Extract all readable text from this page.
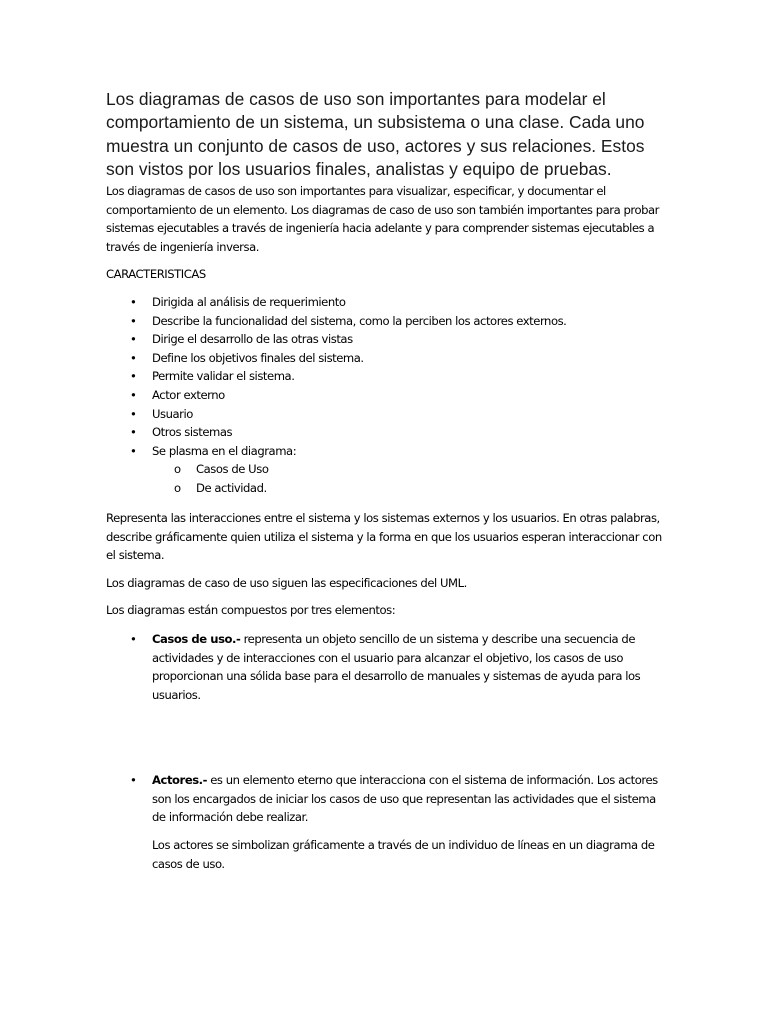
Los diagramas de casos de uso son importantes para modelar el comportamiento de un sistema, un subsistema o una clase. Cada uno muestra un conjunto de casos de uso, actores y sus relaciones. Estos son vistos por los usuarios finales, analistas y equipo de pruebas.

Los diagramas de casos de uso son importantes para visualizar, especificar, y documentar el comportamiento de un elemento. Los diagramas de caso de uso son también importantes para probar sistemas ejecutables a través de ingeniería hacia adelante y para comprender sistemas ejecutables a través de ingeniería inversa.

CARACTERISTICAS

• Dirigida al análisis de requerimiento
• Describe la funcionalidad del sistema, como la perciben los actores externos.
• Dirige el desarrollo de las otras vistas
• Define los objetivos finales del sistema.
• Permite validar el sistema.
• Actor externo
• Usuario
• Otros sistemas
• Se plasma en el diagrama:
o Casos de Uso
o De actividad.

Representa las interacciones entre el sistema y los sistemas externos y los usuarios. En otras palabras, describe gráficamente quien utiliza el sistema y la forma en que los usuarios esperan interaccionar con el sistema.

Los diagramas de caso de uso siguen las especificaciones del UML.

Los diagramas están compuestos por tres elementos:

• Casos de uso.- representa un objeto sencillo de un sistema y describe una secuencia de actividades y de interacciones con el usuario para alcanzar el objetivo, los casos de uso proporcionan una sólida base para el desarrollo de manuales y sistemas de ayuda para los usuarios.
• Actores.- es un elemento eterno que interacciona con el sistema de información. Los actores son los encargados de iniciar los casos de uso que representan las actividades que el sistema de información debe realizar.

Los actores se simbolizan gráficamente a través de un individuo de líneas en un diagrama de casos de uso.
